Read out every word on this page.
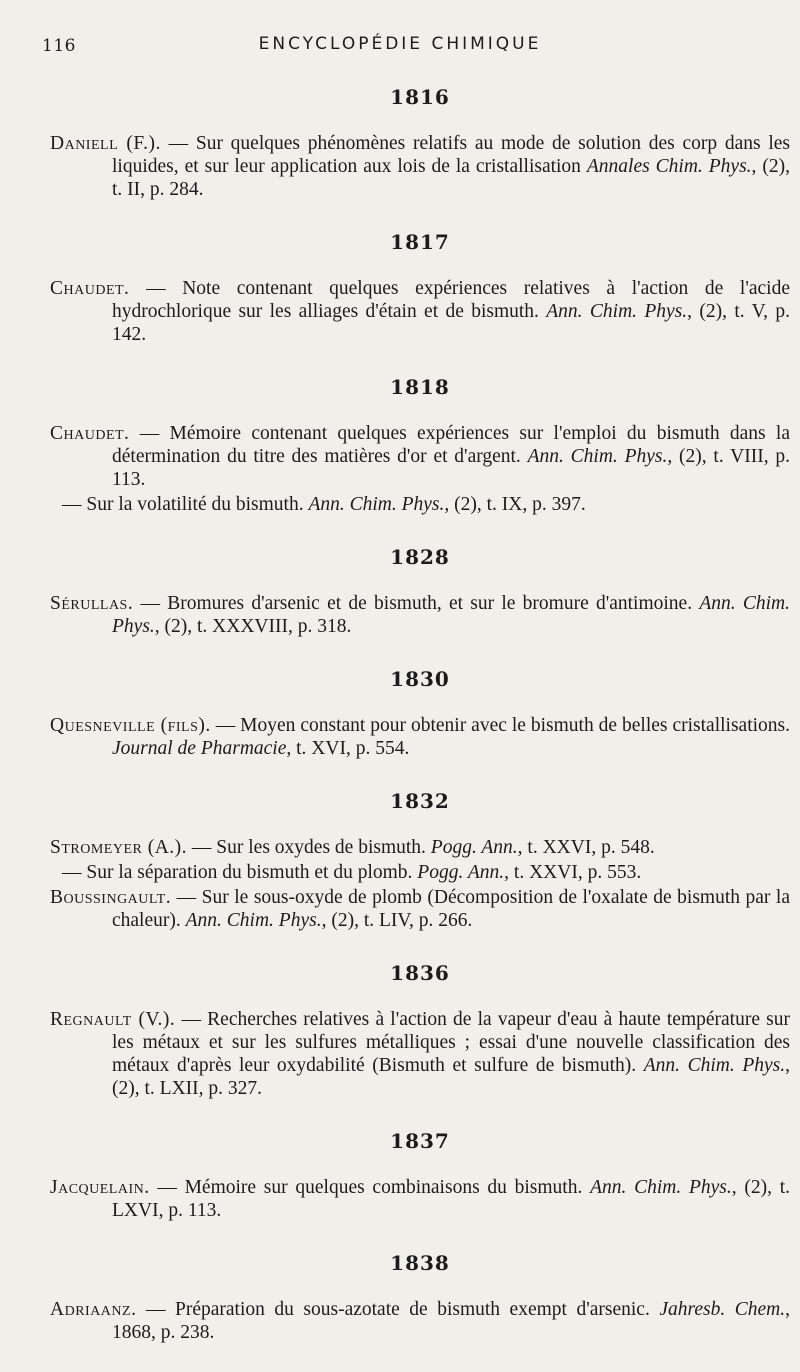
116	ENCYCLOPÉDIE CHIMIQUE
1816

Daniell (F.). — Sur quelques phénomènes relatifs au mode de solution des corp dans les liquides, et sur leur application aux lois de la cristallisation Annales Chim. Phys., (2), t. II, p. 284.

1817

Chaudet. — Note contenant quelques expériences relatives à l'action de l'acide hydrochlorique sur les alliages d'étain et de bismuth. Ann. Chim. Phys., (2), t. V, p. 142.

1818

Chaudet. — Mémoire contenant quelques expériences sur l'emploi du bismuth dans la détermination du titre des matières d'or et d'argent. Ann. Chim. Phys., (2), t. VIII, p. 113.

— Sur la volatilité du bismuth. Ann. Chim. Phys., (2), t. IX, p. 397.

1828

Sérullas. — Bromures d'arsenic et de bismuth, et sur le bromure d'antimoine. Ann. Chim. Phys., (2), t. XXXVIII, p. 318.

1830

Quesneville (fils). — Moyen constant pour obtenir avec le bismuth de belles cristallisations. Journal de Pharmacie, t. XVI, p. 554.

1832

Stromeyer (A.). — Sur les oxydes de bismuth. Pogg. Ann., t. XXVI, p. 548.

— Sur la séparation du bismuth et du plomb. Pogg. Ann., t. XXVI, p. 553.

Boussingault. — Sur le sous-oxyde de plomb (Décomposition de l'oxalate de bismuth par la chaleur). Ann. Chim. Phys., (2), t. LIV, p. 266.

1836

Regnault (V.). — Recherches relatives à l'action de la vapeur d'eau à haute température sur les métaux et sur les sulfures métalliques ; essai d'une nouvelle classification des métaux d'après leur oxydabilité (Bismuth et sulfure de bismuth). Ann. Chim. Phys., (2), t. LXII, p. 327.

1837

Jacquelain. — Mémoire sur quelques combinaisons du bismuth. Ann. Chim. Phys., (2), t. LXVI, p. 113.

1838

Adriaanz. — Préparation du sous-azotate de bismuth exempt d'arsenic. Jahresb. Chem., 1868, p. 238.
